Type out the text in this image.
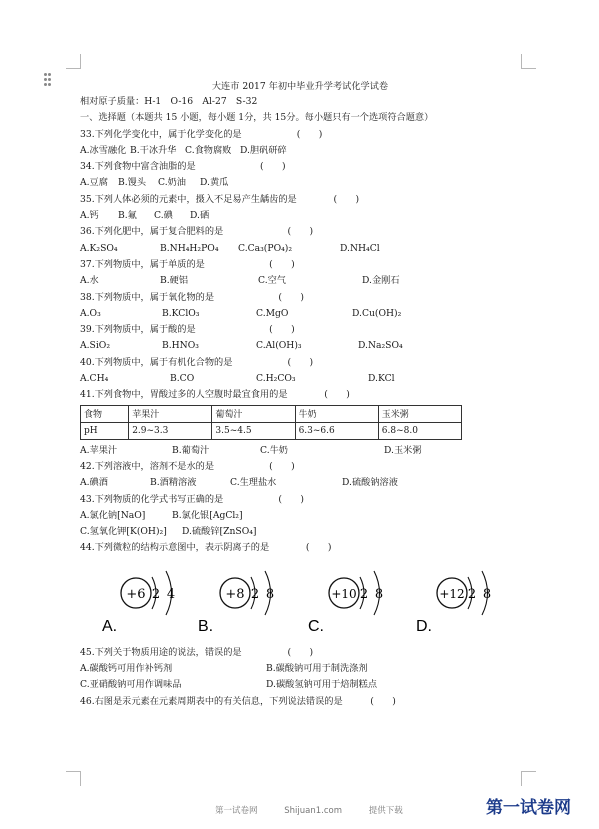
大连市 2017 年初中毕业升学考试化学试卷
相对原子质量：H-1　O-16　Al-27　S-32
一、选择题（本题共 15 小题，每小题 1分，共 15分。每小题只有一个选项符合题意）
33.下列化学变化中，属于化学变化的是　　　　　　(　　)
A.冰雪融化 B.干冰升华 C.食物腐败 D.胆矾研碎
34.下列食物中富含油脂的是　　　　　　　(　　)
A.豆腐 B.馒头 C.奶油 D.黄瓜
35.下列人体必须的元素中，摄入不足易产生龋齿的是　　　　(　　)
A.钙 B.氟 C.碘 D.硒
36.下列化肥中，属于复合肥料的是　　　　　　　(　　)
A.K₂SO₄	B.NH₄H₂PO₄ C.Ca₃(PO₄)₂	D.NH₄Cl
37.下列物质中，属于单质的是　　　　　　　(　　)
A.水	B.硬铝	C.空气	D.金刚石
38.下列物质中，属于氧化物的是　　　　　　　(　　)
A.O₃	B.KClO₃	C.MgO	D.Cu(OH)₂
39.下列物质中，属于酸的是　　　　　　　　(　　)
A.SiO₂	B.HNO₃	C.Al(OH)₃	D.Na₂SO₄
40.下列物质中，属于有机化合物的是　　　　　　(　　)
A.CH₄	B.CO	C.H₂CO₃	D.KCl
41.下列食物中，胃酸过多的人空腹时最宜食用的是　　　　(　　)
食物	苹果汁	葡萄汁	牛奶	玉米粥
pH	2.9~3.3	3.5~4.5	6.3~6.6	6.8~8.0
A.苹果汁	B.葡萄汁	C.牛奶	D.玉米粥
42.下列溶液中，溶剂不是水的是　　　　　　(　　)
A.碘酒	B.酒精溶液	C.生理盐水	D.硫酸钠溶液
43.下列物质的化学式书写正确的是　　　　　　(　　)
A.氯化钠[NaO]	B.氯化银[AgCl₂]
C.氢氧化钾[K(OH)₂] D.硫酸锌[ZnSO₄]
44.下列微粒的结构示意图中，表示阴离子的是　　　　(　　)
+6 2 4
A.
+8 2 8
B.
+10 2 8
C.
+12 2 8
D.
45.下列关于物质用途的说法，错误的是　　　　　(　　)
A.碳酸钙可用作补钙剂	B.碳酸钠可用于制洗涤剂
C.亚硝酸钠可用作调味品	D.碳酸氢钠可用于焙制糕点
46.右图是汞元素在元素周期表中的有关信息，下列说法错误的是　　　(　　)
第一试卷网	Shijuan1.com	提供下载	第一试卷网
